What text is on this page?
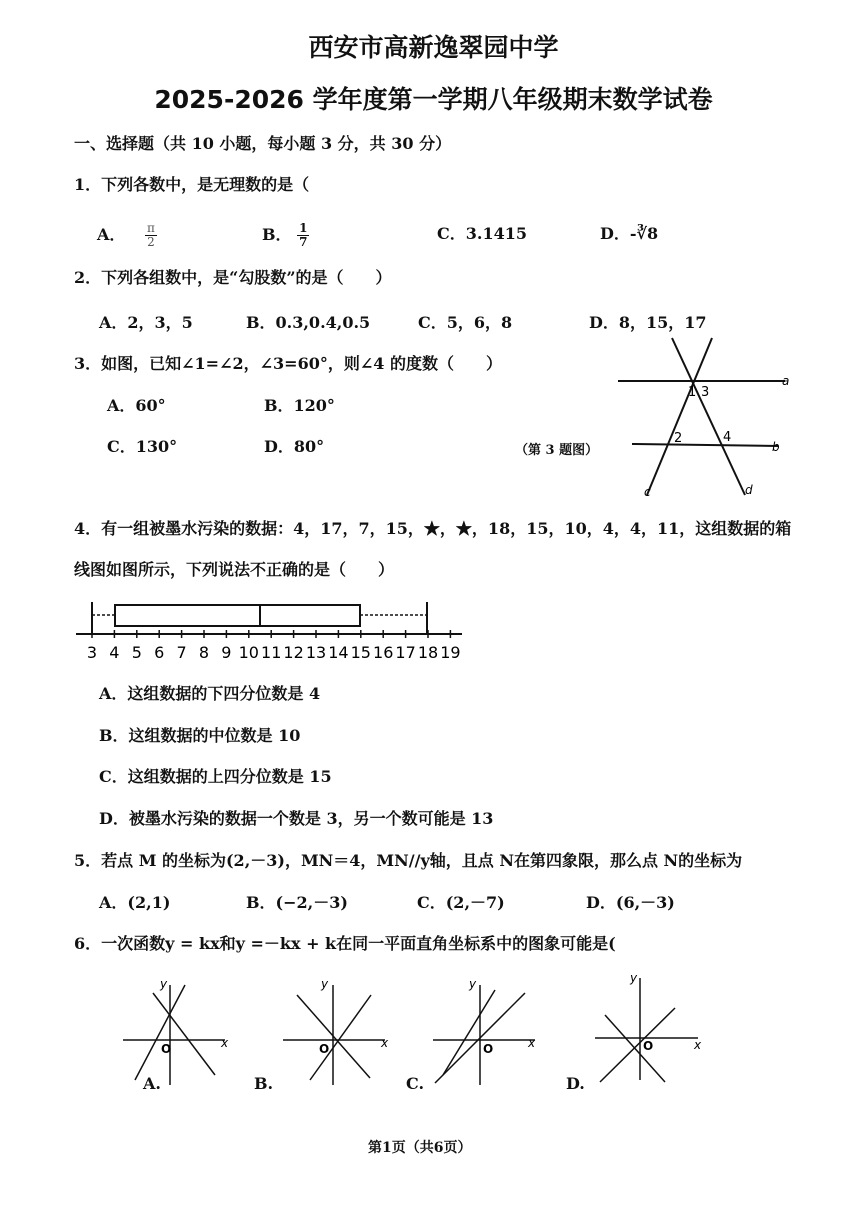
西安市高新逸翠园中学
2025-2026 学年度第一学期八年级期末数学试卷
一、选择题（共 10 小题，每小题 3 分，共 30 分）
1．下列各数中，是无理数的是（
A． $\frac{\pi}{2}$	B． $\frac{1}{7}$	C．3.1415	D．-∛8
2．下列各组数中，是“勾股数”的是（　　）
A．2，3，5	B．0.3,0.4,0.5	C．5，6，8	D．8，15，17
3．如图，已知∠1=∠2，∠3=60°，则∠4 的度数（　　）
A．60°	B．120°
C．130°	D．80°	（第 3 题图）
1 3
2	4
a
b
c	d
4．有一组被墨水污染的数据：4，17，7，15，★，★，18，15，10，4，4，11，这组数据的箱
线图如图所示，下列说法不正确的是（　　）
3 4 5 6 7 8 9 10 11 12 13 14 15 16 17 18 19
A．这组数据的下四分位数是 4
B．这组数据的中位数是 10
C．这组数据的上四分位数是 15
D．被墨水污染的数据一个数是 3，另一个数可能是 13
5．若点 M 的坐标为(2,－3)，MN＝4，MN//y轴，且点 N在第四象限，那么点 N的坐标为
A．(2,1)	B．(−2,－3)	C．(2,－7)	D．(6,－3)
6．一次函数y = kx和y =－kx + k在同一平面直角坐标系中的图象可能是(
y
x
O
A.
y
x
O
B.
y
x
O
C.
y
x
O
D.
第1页（共6页）
